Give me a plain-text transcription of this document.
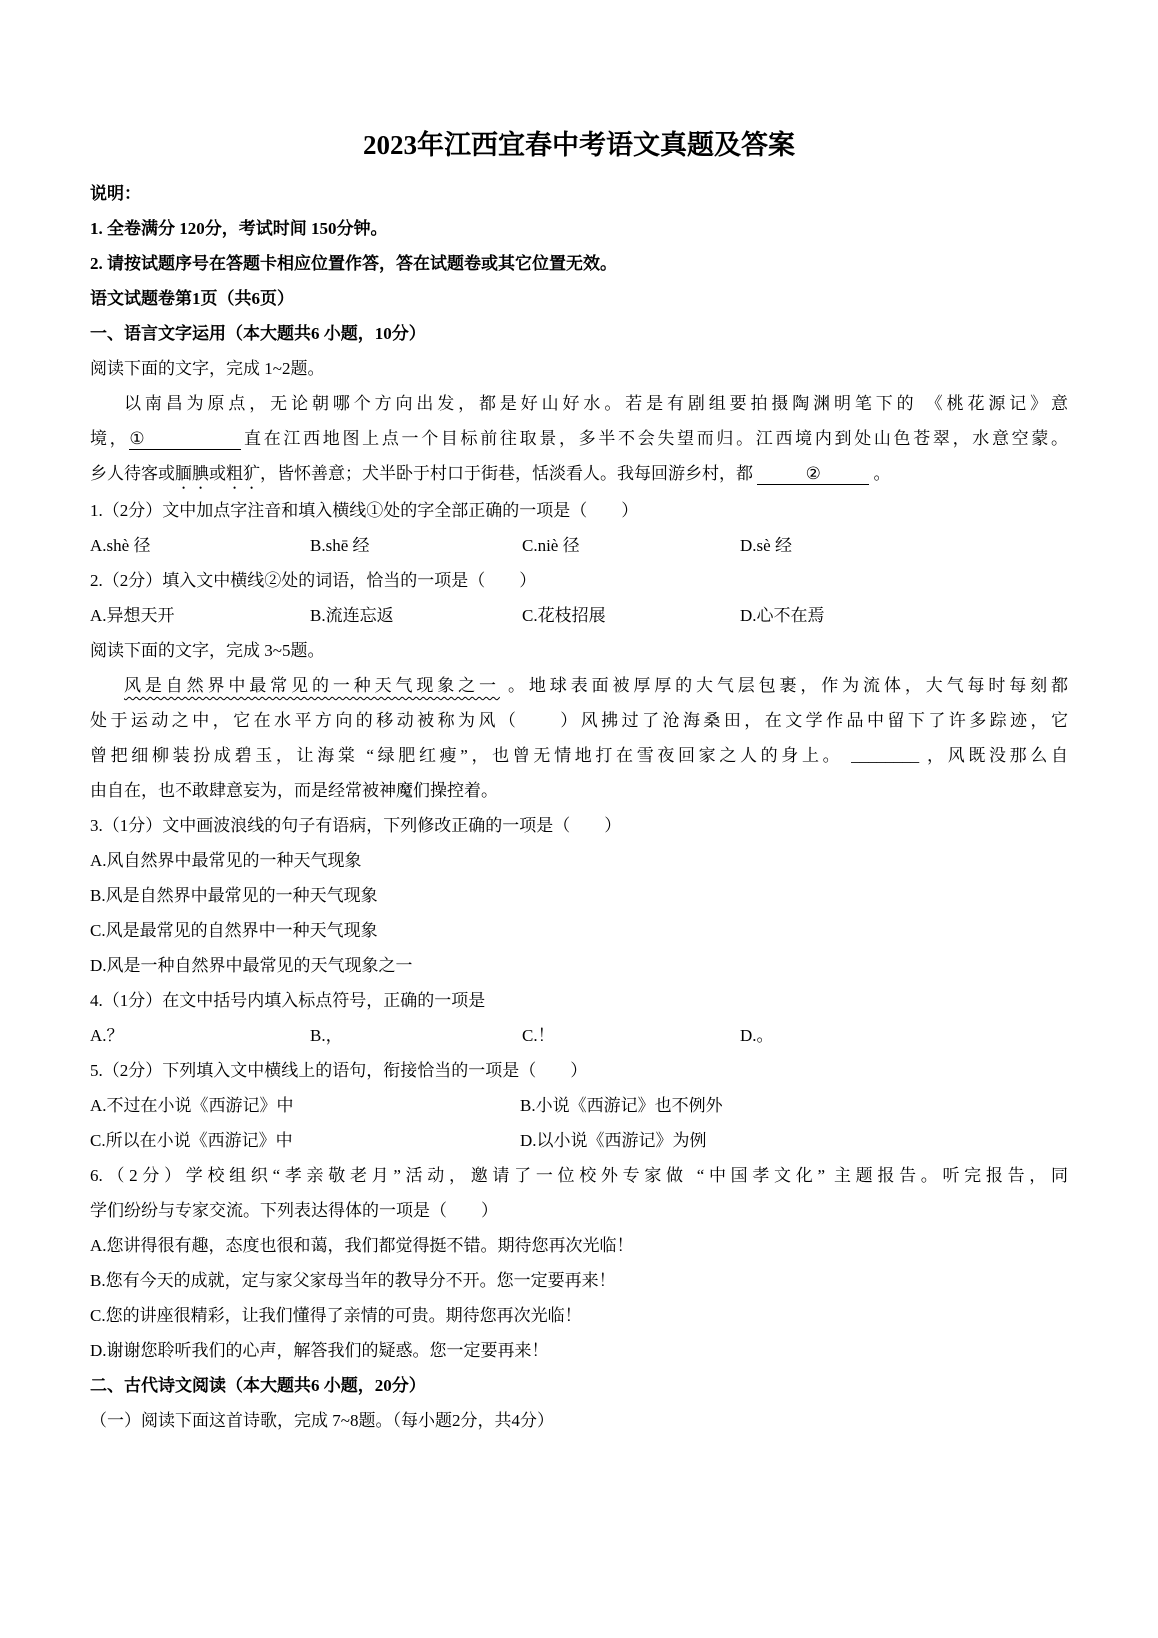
2023年江西宜春中考语文真题及答案
说明：
1. 全卷满分 120分，考试时间 150分钟。
2. 请按试题序号在答题卡相应位置作答，答在试题卷或其它位置无效。
语文试题卷第1页（共6页）
一、语言文字运用（本大题共6 小题，10分）
阅读下面的文字，完成 1~2题。
以南昌为原点，无论朝哪个方向出发，都是好山好水。若是有剧组要拍摄陶渊明笔下的 《桃花源记》意
境，①	直在江西地图上点一个目标前往取景，多半不会失望而归。江西境内到处山色苍翠，水意空蒙。
乡人待客或腼腆或粗犷，皆怀善意；犬半卧于村口于街巷，恬淡看人。我每回游乡村，都	②	。
1.（2分）文中加点字注音和填入横线①处的字全部正确的一项是（　　）
A.shè 径	B.shē 经	C.niè 径	D.sè 经
2.（2分）填入文中横线②处的词语，恰当的一项是（　　）
A.异想天开	B.流连忘返	C.花枝招展	D.心不在焉
阅读下面的文字，完成 3~5题。
风是自然界中最常见的一种天气现象之一 。地球表面被厚厚的大气层包裹，作为流体，大气每时每刻都
处于运动之中，它在水平方向的移动被称为风（　　）风拂过了沧海桑田，在文学作品中留下了许多踪迹，它
曾把细柳装扮成碧玉，让海棠 “绿肥红瘦”，也曾无情地打在雪夜回家之人的身上。 ________ ，风既没那么自
由自在，也不敢肆意妄为，而是经常被神魔们操控着。
3.（1分）文中画波浪线的句子有语病，下列修改正确的一项是（　　）
A.风自然界中最常见的一种天气现象
B.风是自然界中最常见的一种天气现象
C.风是最常见的自然界中一种天气现象
D.风是一种自然界中最常见的天气现象之一
4.（1分）在文中括号内填入标点符号，正确的一项是
A.？	B.，	C.！	D.。
5.（2分）下列填入文中横线上的语句，衔接恰当的一项是（　　）
A.不过在小说《西游记》中	B.小说《西游记》也不例外
C.所以在小说《西游记》中	D.以小说《西游记》为例
6.（2分）学校组织“孝亲敬老月”活动，邀请了一位校外专家做 “中国孝文化” 主题报告。听完报告，同
学们纷纷与专家交流。下列表达得体的一项是（　　）
A.您讲得很有趣，态度也很和蔼，我们都觉得挺不错。期待您再次光临！
B.您有今天的成就，定与家父家母当年的教导分不开。您一定要再来！
C.您的讲座很精彩，让我们懂得了亲情的可贵。期待您再次光临！
D.谢谢您聆听我们的心声，解答我们的疑惑。您一定要再来！
二、古代诗文阅读（本大题共6 小题，20分）
（一）阅读下面这首诗歌，完成 7~8题。（每小题2分，共4分）
